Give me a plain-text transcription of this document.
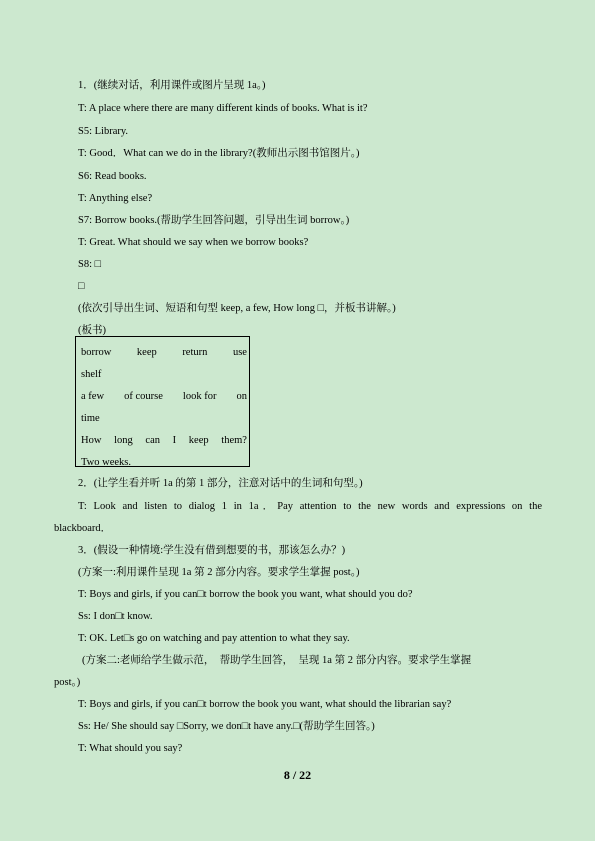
1．(继续对话，利用课件或图片呈现 1a。)
T: A place where there are many different kinds of books. What is it?
S5: Library.
T: Good．What can we do in the library?(教师出示图书馆图片。)
S6: Read books.
T: Anything else?
S7: Borrow books.(帮助学生回答问题，引导出生词 borrow。)
T: Great. What should we say when we borrow books?
S8: □
□
(依次引导出生词、短语和句型 keep, a few, How long □，并板书讲解。)
(板书)
borrow keep return use
shelf
a few of course look for on
time
How long can I keep them?
Two weeks.
2．(让学生看并听 1a 的第 1 部分，注意对话中的生词和句型。)
T: Look and listen to dialog 1 in 1a．Pay attention to the new words and expressions on the
blackboard．
3．(假设一种情境:学生没有借到想要的书，那该怎么办？)
(方案一:利用课件呈现 1a 第 2 部分内容。要求学生掌握 post。)
T: Boys and girls, if you can□t borrow the book you want, what should you do?
Ss: I don□t know.
T: OK. Let□s go on watching and pay attention to what they say.
(方案二:老师给学生做示范，　帮助学生回答，　呈现 1a 第 2 部分内容。要求学生掌握
post。)
T: Boys and girls, if you can□t borrow the book you want, what should the librarian say?
Ss: He/ She should say □Sorry, we don□t have any.□(帮助学生回答。)
T: What should you say?
8 / 22
